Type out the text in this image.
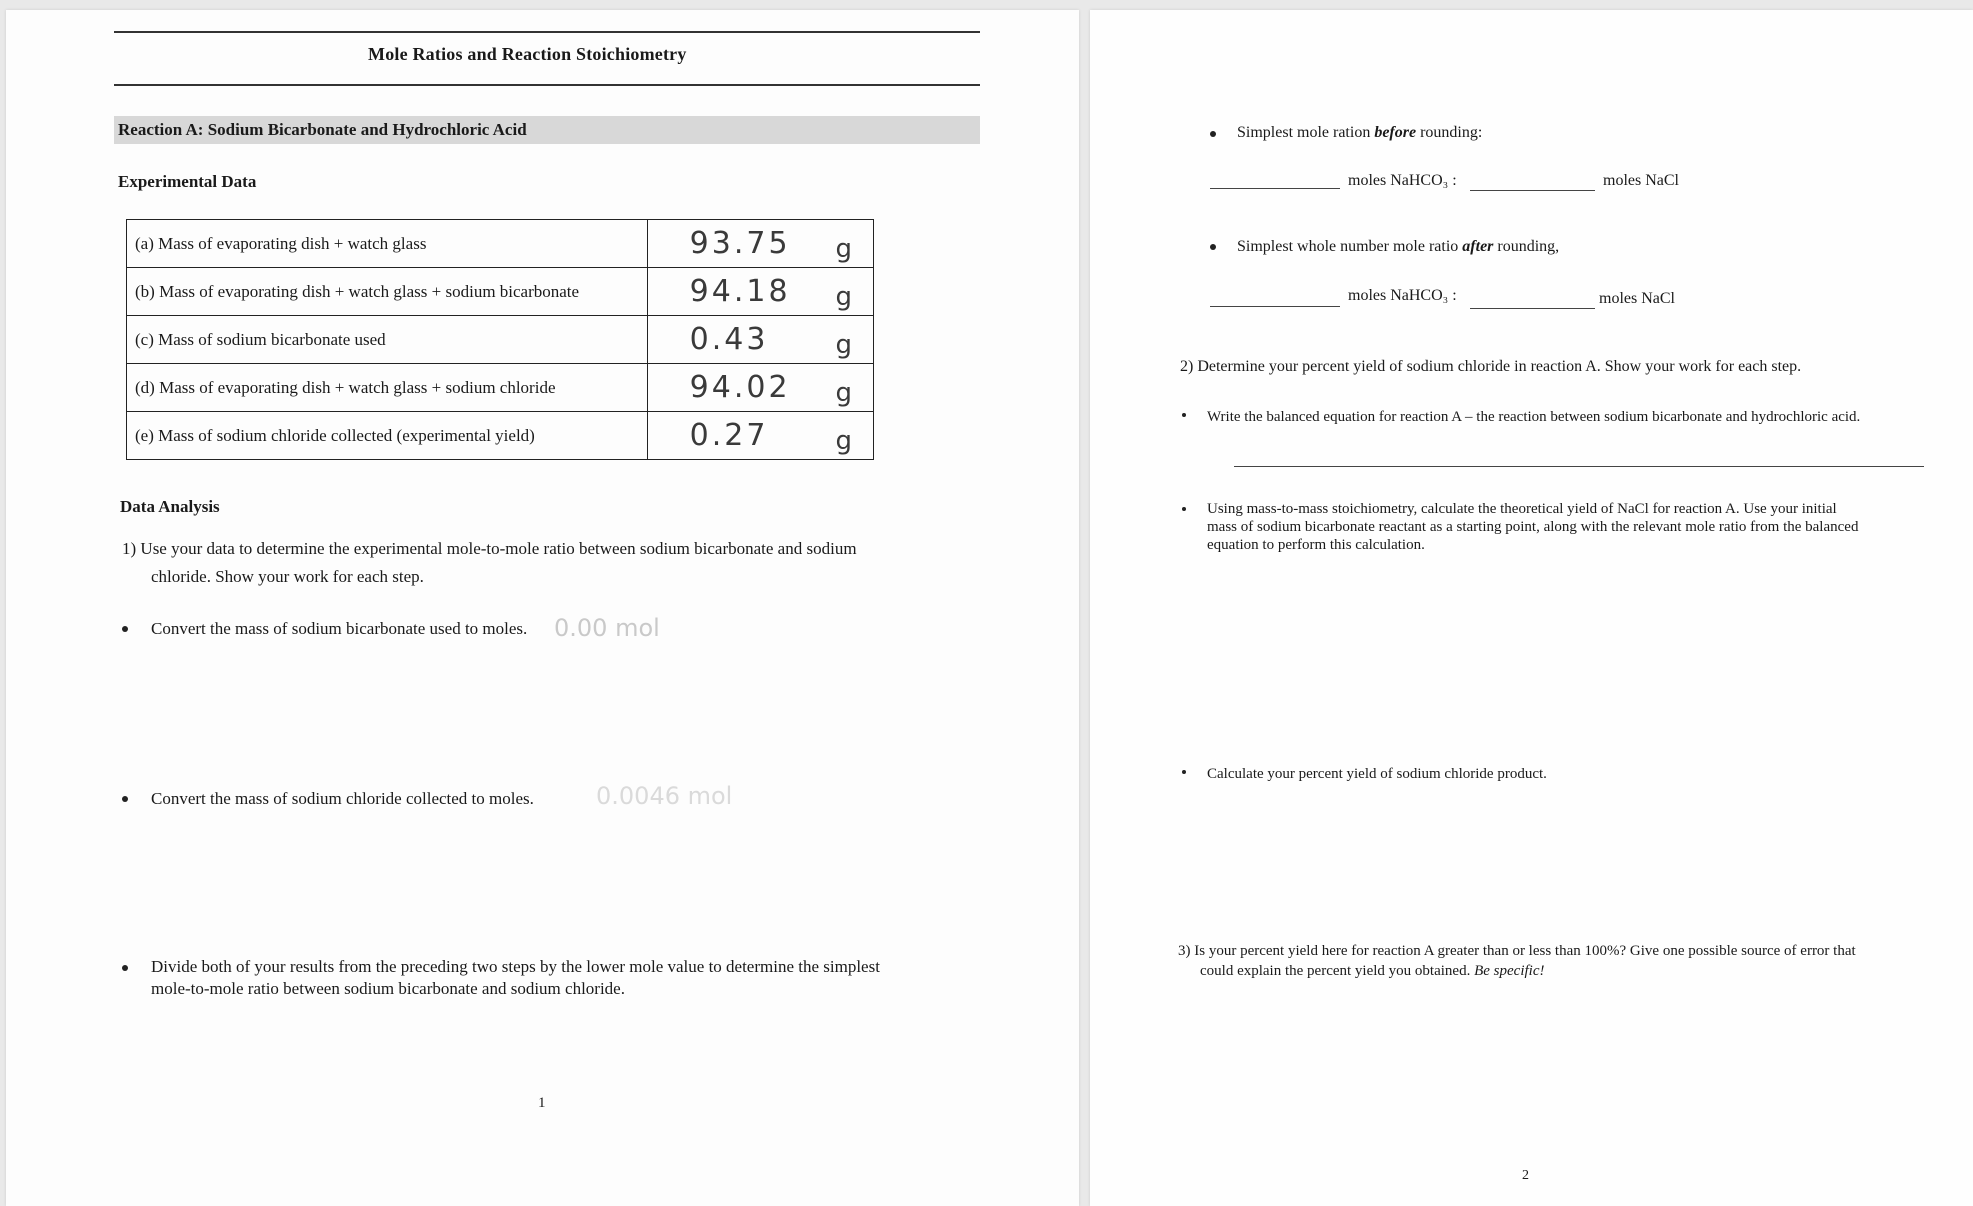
Mole Ratios and Reaction Stoichiometry
Reaction A: Sodium Bicarbonate and Hydrochloric Acid
Experimental Data
(a) Mass of evaporating dish + watch glass	93.75 g

(b) Mass of evaporating dish + watch glass + sodium bicarbonate	94.18 g

(c) Mass of sodium bicarbonate used	0.43 g

(d) Mass of evaporating dish + watch glass + sodium chloride	94.02 g

(e) Mass of sodium chloride collected (experimental yield)	0.27 g
Data Analysis
1) Use your data to determine the experimental mole-to-mole ratio between sodium bicarbonate and sodium
chloride. Show your work for each step.
Convert the mass of sodium bicarbonate used to moles. 0.00 mol
Convert the mass of sodium chloride collected to moles.	0.0046 mol
Divide both of your results from the preceding two steps by the lower mole value to determine the simplest
mole-to-mole ratio between sodium bicarbonate and sodium chloride.
1
Simplest mole ration before rounding:
moles NaHCO₃ :	moles NaCl
Simplest whole number mole ratio after rounding,
moles NaHCO₃ :	moles NaCl
2) Determine your percent yield of sodium chloride in reaction A. Show your work for each step.
Write the balanced equation for reaction A – the reaction between sodium bicarbonate and hydrochloric acid.
Using mass-to-mass stoichiometry, calculate the theoretical yield of NaCl for reaction A. Use your initial
mass of sodium bicarbonate reactant as a starting point, along with the relevant mole ratio from the balanced
equation to perform this calculation.
Calculate your percent yield of sodium chloride product.
3) Is your percent yield here for reaction A greater than or less than 100%? Give one possible source of error that
could explain the percent yield you obtained. Be specific!
2
